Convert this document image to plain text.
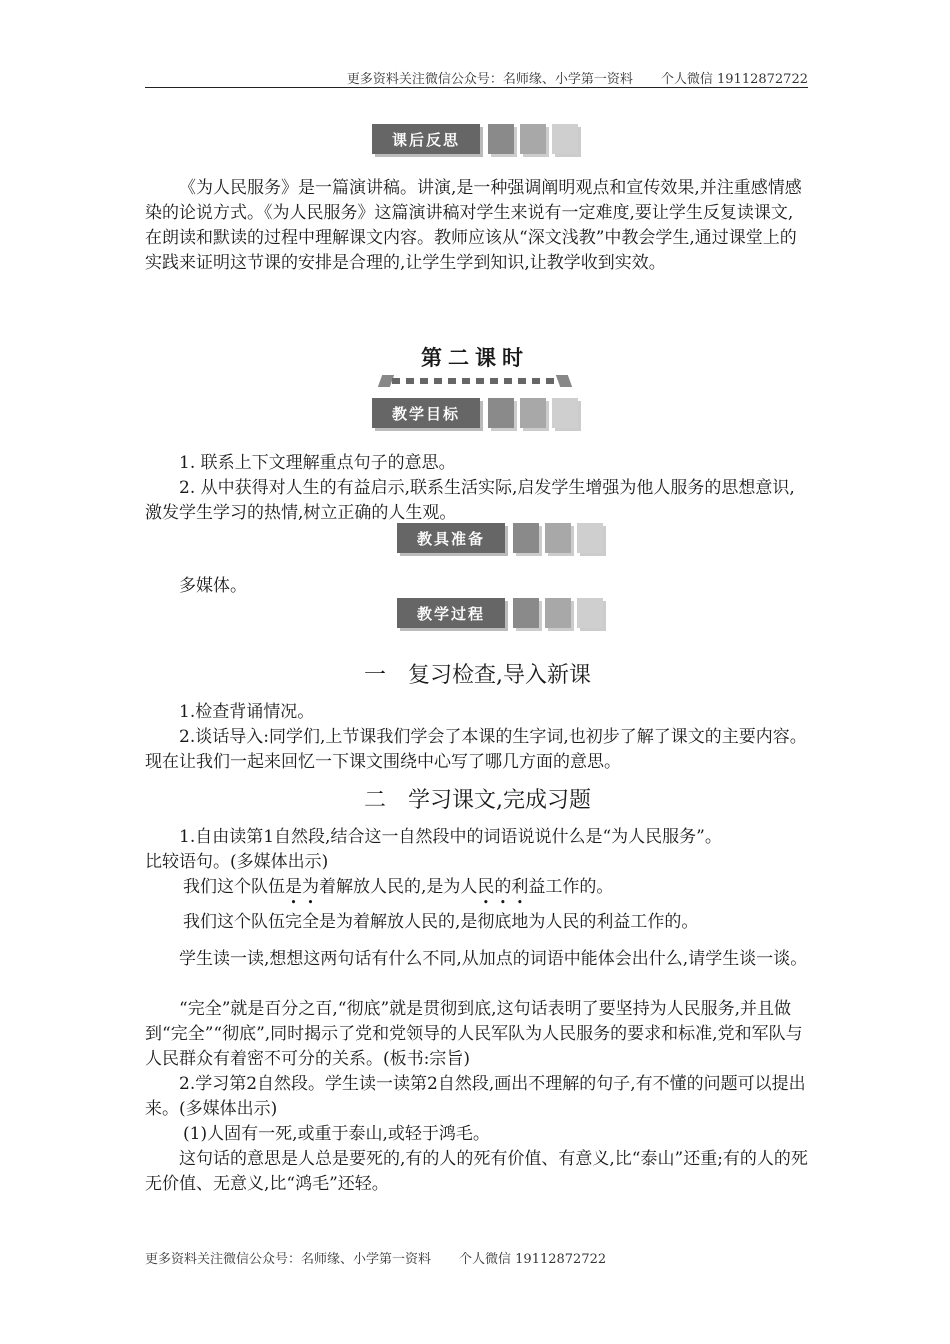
更多资料关注微信公众号：名师缘、小学第一资料 个人微信 19112872722
课后反思
《为人民服务》是一篇演讲稿。讲演,是一种强调阐明观点和宣传效果,并注重感情感染的论说方式。《为人民服务》这篇演讲稿对学生来说有一定难度,要让学生反复读课文,在朗读和默读的过程中理解课文内容。教师应该从“深文浅教”中教会学生,通过课堂上的实践来证明这节课的安排是合理的,让学生学到知识,让教学收到实效。
第二课时
教学目标
1. 联系上下文理解重点句子的意思。
2. 从中获得对人生的有益启示,联系生活实际,启发学生增强为他人服务的思想意识,激发学生学习的热情,树立正确的人生观。
教具准备
多媒体。
教学过程
一　复习检查,导入新课
1.检查背诵情况。
2.谈话导入:同学们,上节课我们学会了本课的生字词,也初步了解了课文的主要内容。现在让我们一起来回忆一下课文围绕中心写了哪几方面的意思。
二　学习课文,完成习题
1.自由读第1自然段,结合这一自然段中的词语说说什么是“为人民服务”。
比较语句。(多媒体出示)
我们这个队伍是为着解放人民的,是为人民的利益工作的。
我们这个队伍完全是为着解放人民的,是彻底地为人民的利益工作的。
学生读一读,想想这两句话有什么不同,从加点的词语中能体会出什么,请学生谈一谈。
“完全”就是百分之百,“彻底”就是贯彻到底,这句话表明了要坚持为人民服务,并且做到“完全”“彻底”,同时揭示了党和党领导的人民军队为人民服务的要求和标准,党和军队与人民群众有着密不可分的关系。(板书:宗旨)
2.学习第2自然段。学生读一读第2自然段,画出不理解的句子,有不懂的问题可以提出来。(多媒体出示)
(1)人固有一死,或重于泰山,或轻于鸿毛。
这句话的意思是人总是要死的,有的人的死有价值、有意义,比“泰山”还重;有的人的死无价值、无意义,比“鸿毛”还轻。
更多资料关注微信公众号：名师缘、小学第一资料 个人微信 19112872722
